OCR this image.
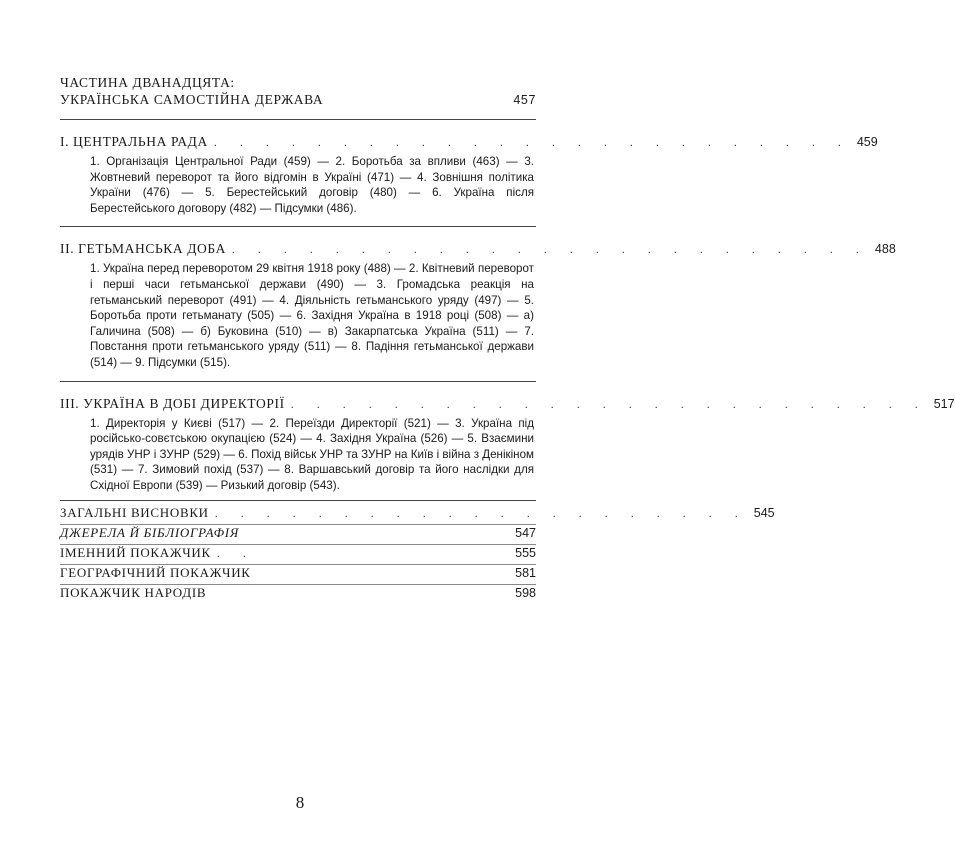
ЧАСТИНА ДВАНАДЦЯТА:
УКРАЇНСЬКА САМОСТІЙНА ДЕРЖАВА	457
I. ЦЕНТРАЛЬНА РАДА . . . . . . . . . . . . . . . . . . . . . . . . . 459
1. Організація Центральної Ради (459) — 2. Боротьба за впливи (463) — 3. Жовтневий переворот та його відгомін в Україні (471) — 4. Зовнішня політика України (476) — 5. Берестейський договір (480) — 6. Україна після Берестейського договору (482) — Підсумки (486).
II. ГЕТЬМАНСЬКА ДОБА . . . . . . . . . . . . . . . . . . . . . . . . . 488
1. Україна перед переворотом 29 квітня 1918 року (488) — 2. Квітневий переворот і перші часи гетьманської держави (490) — 3. Громадська реакція на гетьманський переворот (491) — 4. Діяльність гетьманського уряду (497) — 5. Боротьба проти гетьманату (505) — 6. Західня Україна в 1918 році (508) — а) Галичина (508) — б) Буковина (510) — в) Закарпатська Україна (511) — 7. Повстання проти гетьманського уряду (511) — 8. Падіння гетьманської держави (514) — 9. Підсумки (515).
III. УКРАЇНА В ДОБІ ДИРЕКТОРІЇ . . . . . . . . . . . . . . . . . . . . . . . . . 517
1. Директорія у Києві (517) — 2. Переїзди Директорії (521) — 3. Україна під російсько-совєтською окупацією (524) — 4. Західня Україна (526) — 5. Взаємини урядів УНР і ЗУНР (529) — 6. Похід військ УНР та ЗУНР на Київ і війна з Денікіном (531) — 7. Зимовий похід (537) — 8. Варшавський договір та його наслідки для Східної Европи (539) — Ризький договір (543).
ЗАГАЛЬНІ ВИСНОВКИ . . . . . . . . . . . . . . . . . . . . . 545
ДЖЕРЕЛА Й БІБЛІОГРАФІЯ	547
ІМЕННИЙ ПОКАЖЧИК . .	555
ГЕОГРАФІЧНИЙ ПОКАЖЧИК	581
ПОКАЖЧИК НАРОДІВ	598
8
